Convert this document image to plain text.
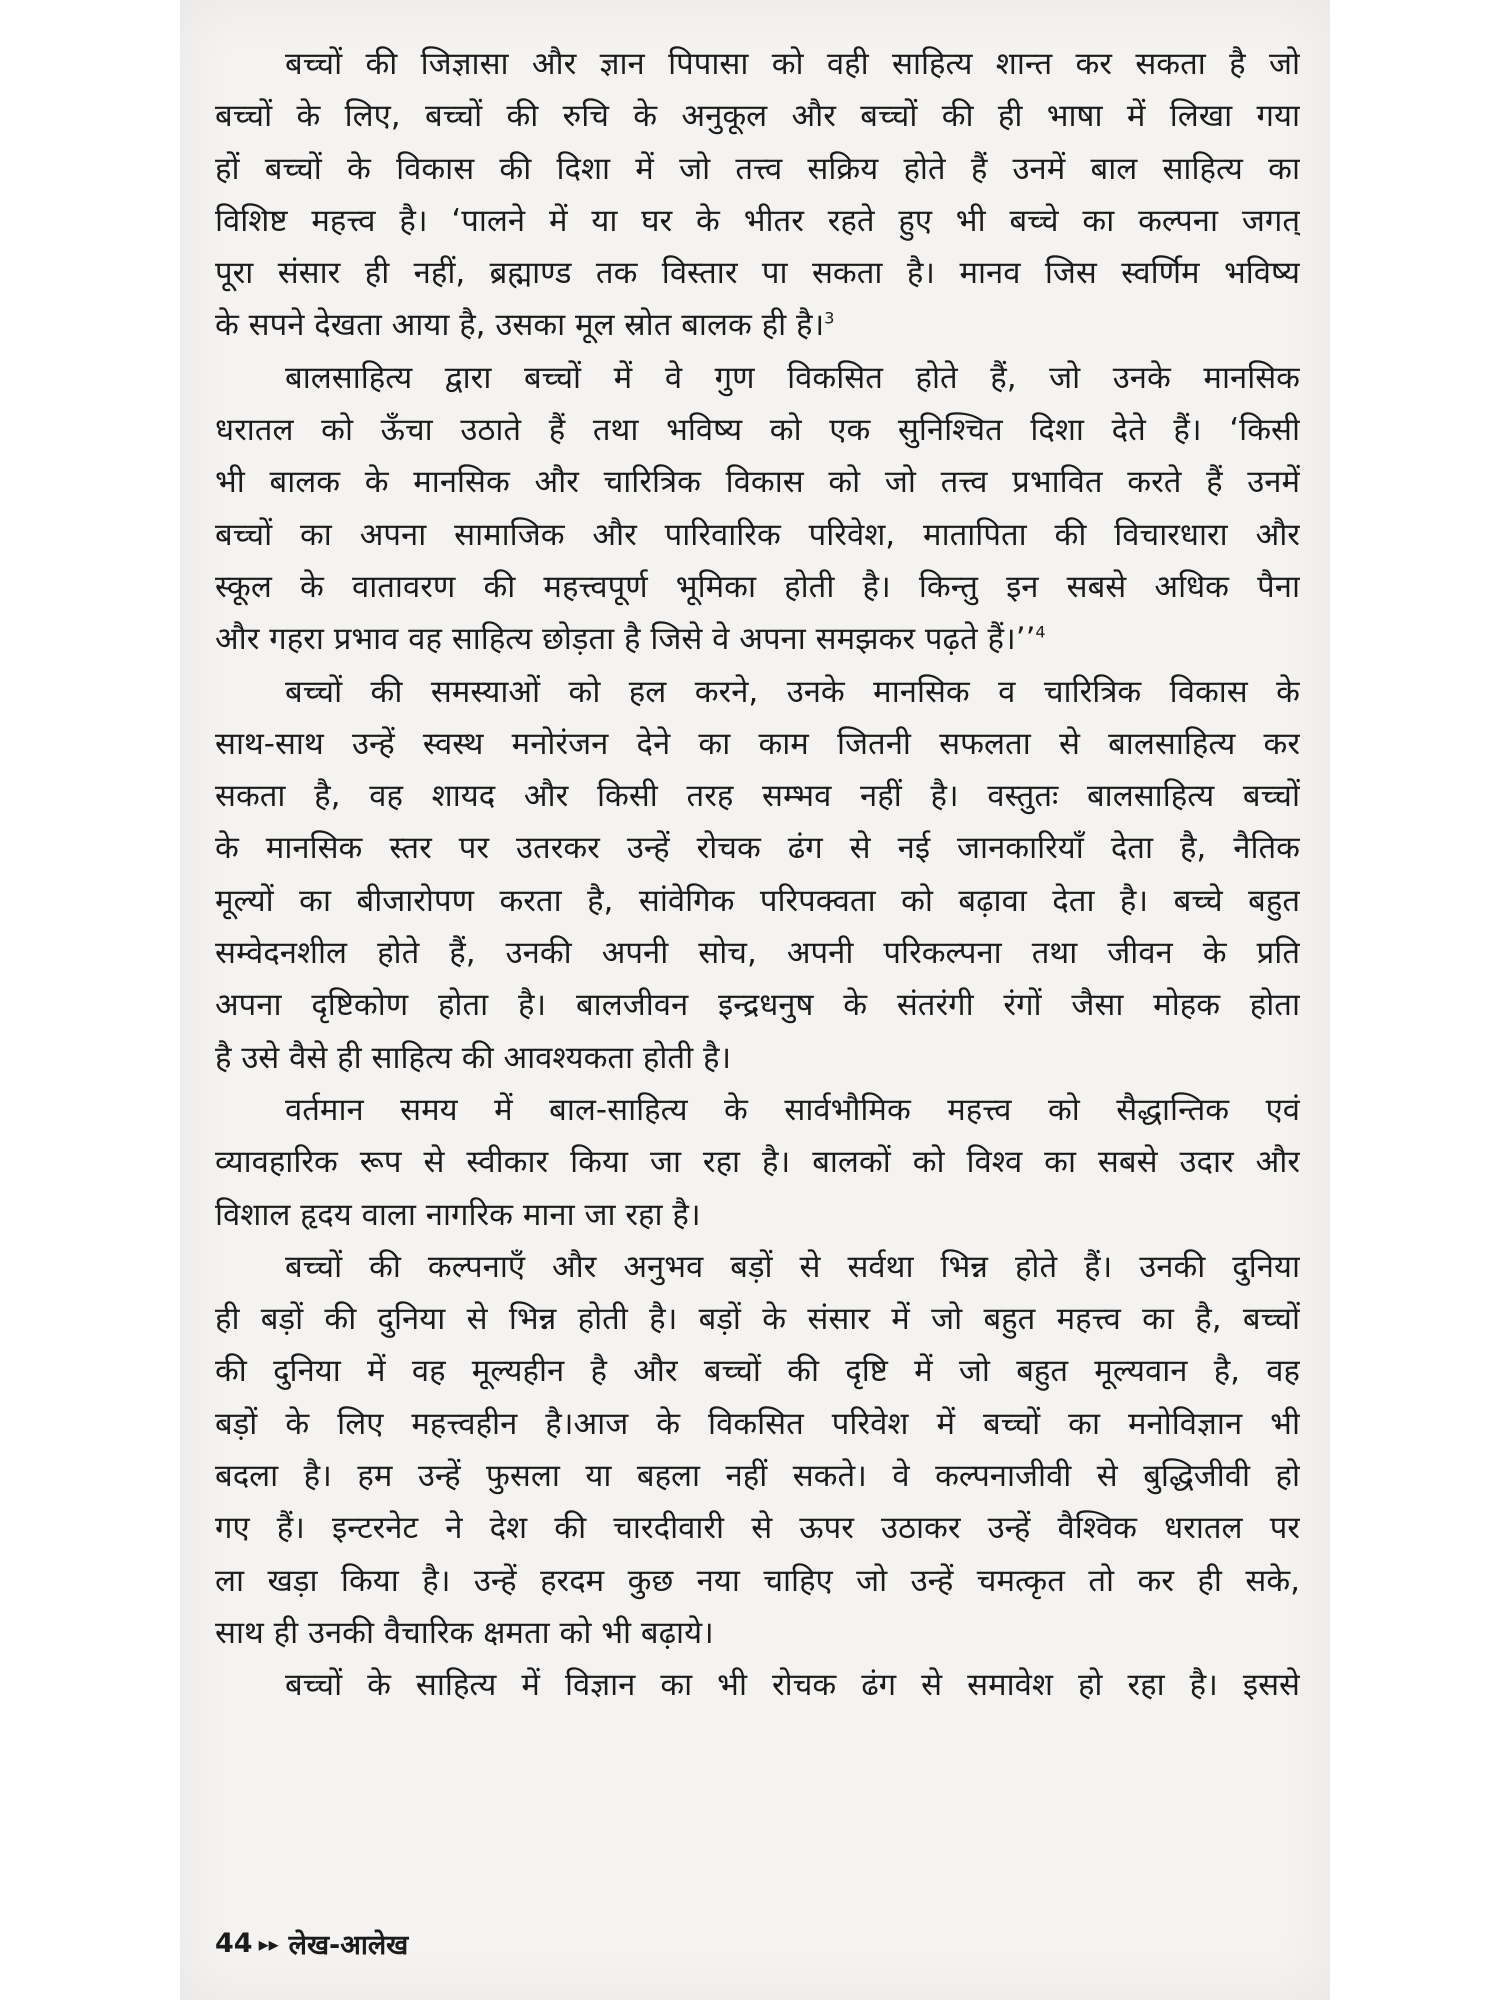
बच्चों की जिज्ञासा और ज्ञान पिपासा को वही साहित्य शान्त कर सकता है जो
बच्चों के लिए, बच्चों की रुचि के अनुकूल और बच्चों की ही भाषा में लिखा गया
हों बच्चों के विकास की दिशा में जो तत्त्व सक्रिय होते हैं उनमें बाल साहित्य का
विशिष्ट महत्त्व है। ‘पालने में या घर के भीतर रहते हुए भी बच्चे का कल्पना जगत्
पूरा संसार ही नहीं, ब्रह्माण्ड तक विस्तार पा सकता है। मानव जिस स्वर्णिम भविष्य
के सपने देखता आया है, उसका मूल स्रोत बालक ही है।$^3$
बालसाहित्य द्वारा बच्चों में वे गुण विकसित होते हैं, जो उनके मानसिक
धरातल को ऊँचा उठाते हैं तथा भविष्य को एक सुनिश्चित दिशा देते हैं। ‘किसी
भी बालक के मानसिक और चारित्रिक विकास को जो तत्त्व प्रभावित करते हैं उनमें
बच्चों का अपना सामाजिक और पारिवारिक परिवेश, मातापिता की विचारधारा और
स्कूल के वातावरण की महत्त्वपूर्ण भूमिका होती है। किन्तु इन सबसे अधिक पैना
और गहरा प्रभाव वह साहित्य छोड़ता है जिसे वे अपना समझकर पढ़ते हैं।’’$^4$
बच्चों की समस्याओं को हल करने, उनके मानसिक व चारित्रिक विकास के
साथ-साथ उन्हें स्वस्थ मनोरंजन देने का काम जितनी सफलता से बालसाहित्य कर
सकता है, वह शायद और किसी तरह सम्भव नहीं है। वस्तुतः बालसाहित्य बच्चों
के मानसिक स्तर पर उतरकर उन्हें रोचक ढंग से नई जानकारियाँ देता है, नैतिक
मूल्यों का बीजारोपण करता है, सांवेगिक परिपक्वता को बढ़ावा देता है। बच्चे बहुत
सम्वेदनशील होते हैं, उनकी अपनी सोच, अपनी परिकल्पना तथा जीवन के प्रति
अपना दृष्टिकोण होता है। बालजीवन इन्द्रधनुष के संतरंगी रंगों जैसा मोहक होता
है उसे वैसे ही साहित्य की आवश्यकता होती है।
वर्तमान समय में बाल-साहित्य के सार्वभौमिक महत्त्व को सैद्धान्तिक एवं
व्यावहारिक रूप से स्वीकार किया जा रहा है। बालकों को विश्व का सबसे उदार और
विशाल हृदय वाला नागरिक माना जा रहा है।
बच्चों की कल्पनाएँ और अनुभव बड़ों से सर्वथा भिन्न होते हैं। उनकी दुनिया
ही बड़ों की दुनिया से भिन्न होती है। बड़ों के संसार में जो बहुत महत्त्व का है, बच्चों
की दुनिया में वह मूल्यहीन है और बच्चों की दृष्टि में जो बहुत मूल्यवान है, वह
बड़ों के लिए महत्त्वहीन है।आज के विकसित परिवेश में बच्चों का मनोविज्ञान भी
बदला है। हम उन्हें फुसला या बहला नहीं सकते। वे कल्पनाजीवी से बुद्धिजीवी हो
गए हैं। इन्टरनेट ने देश की चारदीवारी से ऊपर उठाकर उन्हें वैश्विक धरातल पर
ला खड़ा किया है। उन्हें हरदम कुछ नया चाहिए जो उन्हें चमत्कृत तो कर ही सके,
साथ ही उनकी वैचारिक क्षमता को भी बढ़ाये।
बच्चों के साहित्य में विज्ञान का भी रोचक ढंग से समावेश हो रहा है। इससे
44 ▸▸ लेख-आलेख
